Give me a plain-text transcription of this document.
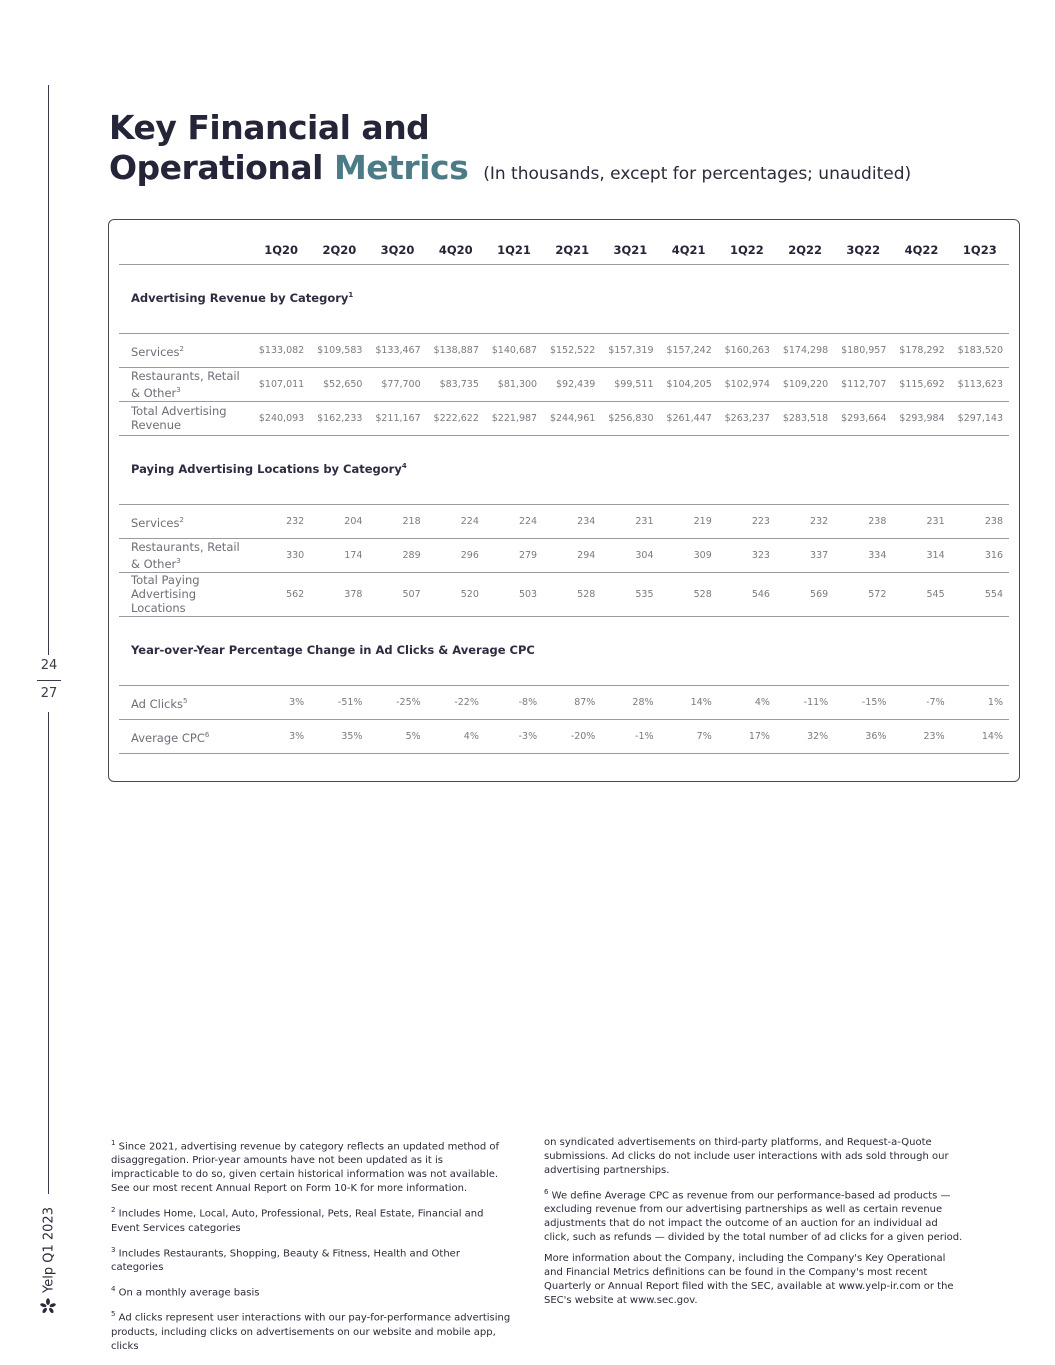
24
27
Yelp Q1 2023
Key Financial and
Operational Metrics (In thousands, except for percentages; unaudited)
	1Q20	2Q20	3Q20	4Q20	1Q21	2Q21	3Q21	4Q21	1Q22	2Q22	3Q22	4Q22	1Q23
Advertising Revenue by Category$^1$
Services$^2$	$133,082	$109,583	$133,467	$138,887	$140,687	$152,522	$157,319	$157,242	$160,263	$174,298	$180,957	$178,292	$183,520
Restaurants, Retail & Other$^3$	$107,011	$52,650	$77,700	$83,735	$81,300	$92,439	$99,511	$104,205	$102,974	$109,220	$112,707	$115,692	$113,623
Total Advertising Revenue	$240,093	$162,233	$211,167	$222,622	$221,987	$244,961	$256,830	$261,447	$263,237	$283,518	$293,664	$293,984	$297,143
Paying Advertising Locations by Category$^4$
Services$^2$	232	204	218	224	224	234	231	219	223	232	238	231	238
Restaurants, Retail & Other$^3$	330	174	289	296	279	294	304	309	323	337	334	314	316
Total Paying Advertising Locations	562	378	507	520	503	528	535	528	546	569	572	545	554
Year-over-Year Percentage Change in Ad Clicks & Average CPC													
Ad Clicks$^5$	3%	-51%	-25%	-22%	-8%	87%	28%	14%	4%	-11%	-15%	-7%	1%
Average CPC$^6$	3%	35%	5%	4%	-3%	-20%	-1%	7%	17%	32%	36%	23%	14%

$^1$ Since 2021, advertising revenue by category reflects an updated method of disaggregation. Prior-year amounts have not been updated as it is impracticable to do so, given certain historical information was not available. See our most recent Annual Report on Form 10-K for more information.

$^2$ Includes Home, Local, Auto, Professional, Pets, Real Estate, Financial and Event Services categories

$^3$ Includes Restaurants, Shopping, Beauty & Fitness, Health and Other categories

$^4$ On a monthly average basis

$^5$ Ad clicks represent user interactions with our pay-for-performance advertising products, including clicks on advertisements on our website and mobile app, clicks

on syndicated advertisements on third-party platforms, and Request-a-Quote submissions. Ad clicks do not include user interactions with ads sold through our advertising partnerships.

$^6$ We define Average CPC as revenue from our performance-based ad products — excluding revenue from our advertising partnerships as well as certain revenue adjustments that do not impact the outcome of an auction for an individual ad click, such as refunds — divided by the total number of ad clicks for a given period.

More information about the Company, including the Company's Key Operational and Financial Metrics definitions can be found in the Company's most recent Quarterly or Annual Report filed with the SEC, available at www.yelp-ir.com or the SEC's website at www.sec.gov.
